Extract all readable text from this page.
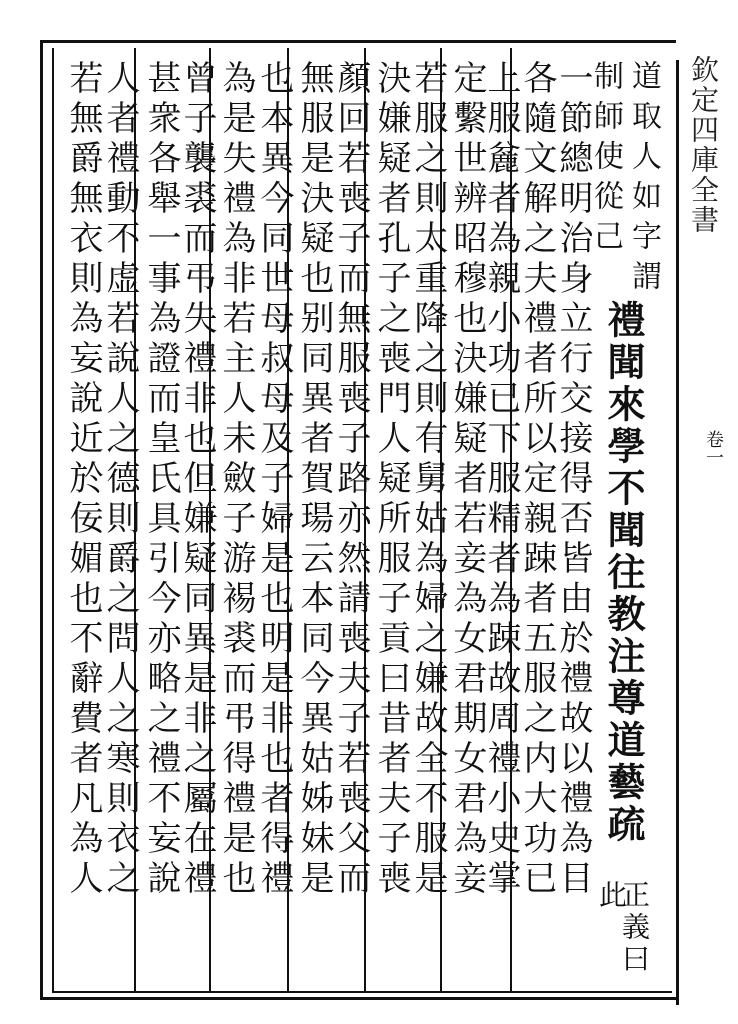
欽定四庫全書
卷一
道取人如字謂
制師使從己
禮聞來學不聞往教注尊道藝疏
正義曰此
一節總明治身立行交接得否皆由於禮故以禮為目
各隨文解之夫禮者所以定親踈者五服之内大功已
上服麄者為親小功已下服精者為踈故周禮小史掌
定繫世辨昭穆也決嫌疑者若妾為女君期女君為妾
若服之則太重降之則有舅姑為婦之嫌故全不服是
決嫌疑者孔子之喪門人疑所服子貢曰昔者夫子喪
顏回若喪子而無服喪子路亦然請喪夫子若喪父而
無服是決疑也别同異者賀瑒云本同今異姑姊妹是
也本異今同世母叔母及子婦是也明是非也者得禮
為是失禮為非若主人未斂子游裼裘而弔得禮是也
曾子襲裘而弔失禮非也但嫌疑同異是非之屬在禮
甚衆各舉一事為證而皇氏具引今亦略之禮不妄說
人者禮動不虚若說人之德則爵之問人之寒則衣之
若無爵無衣則為妄說近於佞媚也不辭費者凡為人
